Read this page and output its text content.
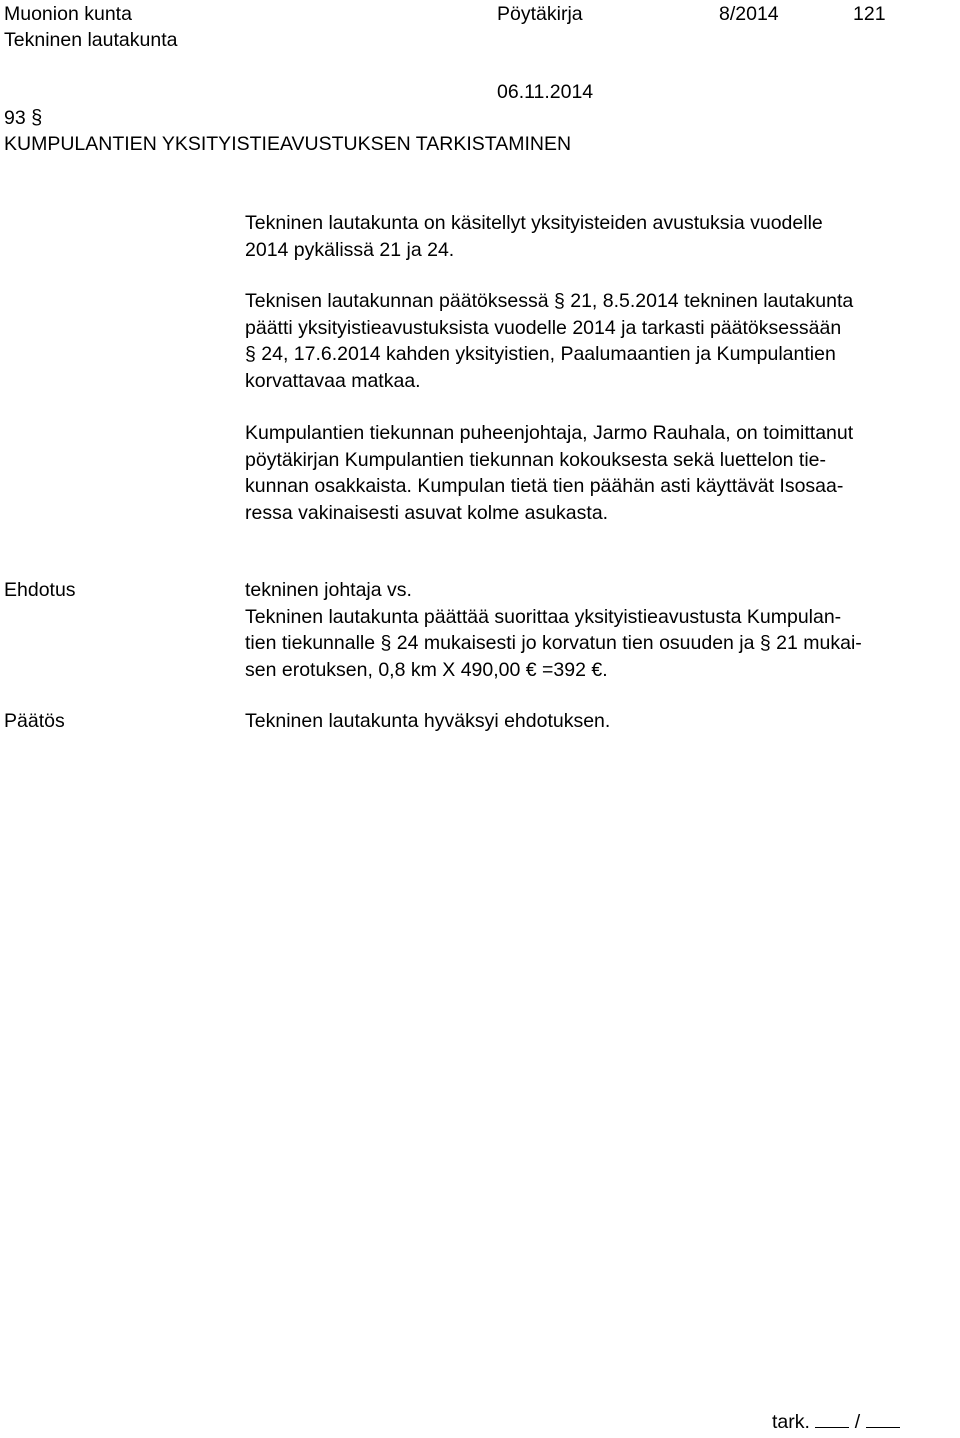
Muonion kunta	Pöytäkirja	8/2014	121
Tekninen lautakunta
06.11.2014
93 §
KUMPULANTIEN YKSITYISTIEAVUSTUKSEN TARKISTAMINEN
Tekninen lautakunta on käsitellyt yksityisteiden avustuksia vuodelle
2014 pykälissä 21 ja 24.
Teknisen lautakunnan päätöksessä § 21, 8.5.2014 tekninen lautakunta
päätti yksityistieavustuksista vuodelle 2014 ja tarkasti päätöksessään
§ 24, 17.6.2014 kahden yksityistien, Paalumaantien ja Kumpulantien
korvattavaa matkaa.
Kumpulantien tiekunnan puheenjohtaja, Jarmo Rauhala, on toimittanut
pöytäkirjan Kumpulantien tiekunnan kokouksesta sekä luettelon tie-
kunnan osakkaista. Kumpulan tietä tien päähän asti käyttävät Isosaa-
ressa vakinaisesti asuvat kolme asukasta.
Ehdotus	tekninen johtaja vs.
Tekninen lautakunta päättää suorittaa yksityistieavustusta Kumpulan-
tien tiekunnalle § 24 mukaisesti jo korvatun tien osuuden ja § 21 mukai-
sen erotuksen, 0,8 km X 490,00 € =392 €.
Päätös	Tekninen lautakunta hyväksyi ehdotuksen.
tark. /
